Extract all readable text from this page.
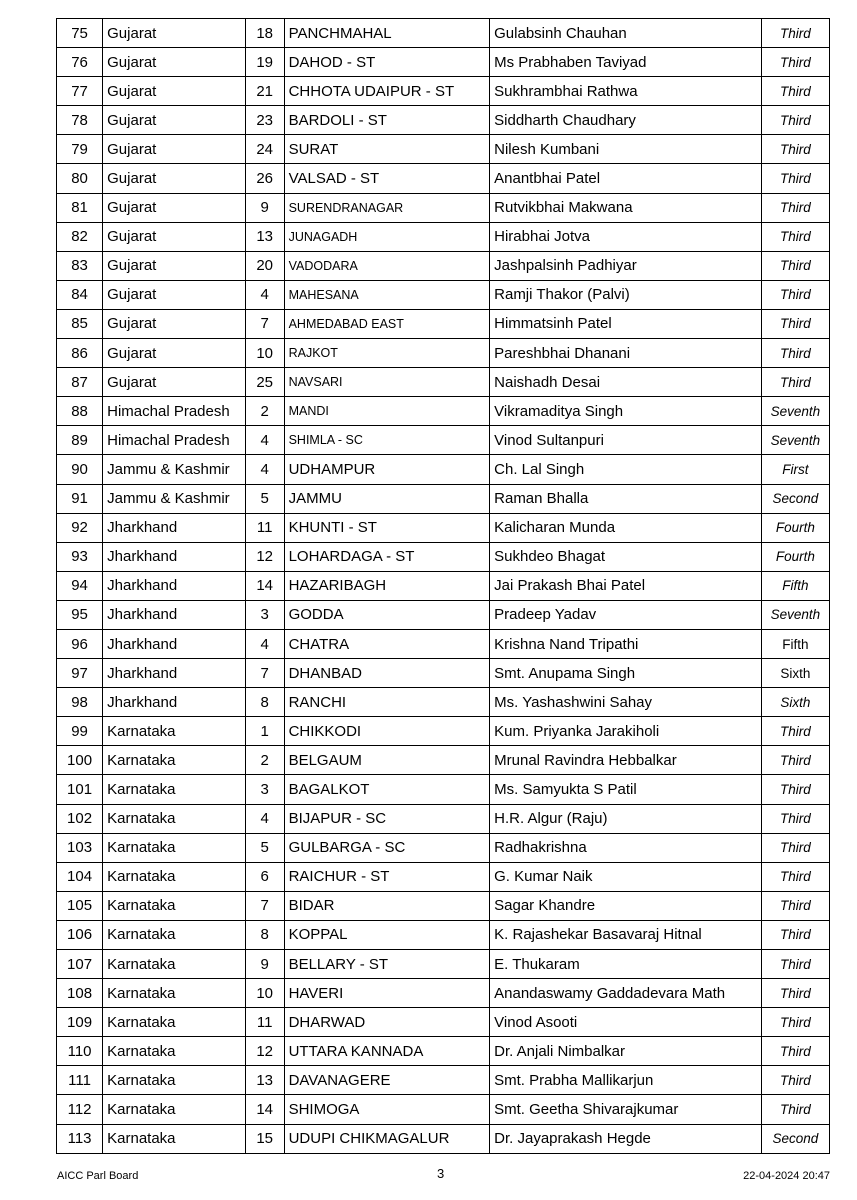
75	Gujarat	18	PANCHMAHAL	Gulabsinh Chauhan	Third
76	Gujarat	19	DAHOD - ST	Ms Prabhaben Taviyad	Third
77	Gujarat	21	CHHOTA UDAIPUR - ST	Sukhrambhai Rathwa	Third
78	Gujarat	23	BARDOLI - ST	Siddharth Chaudhary	Third
79	Gujarat	24	SURAT	Nilesh Kumbani	Third
80	Gujarat	26	VALSAD - ST	Anantbhai Patel	Third
81	Gujarat	9	SURENDRANAGAR	Rutvikbhai Makwana	Third
82	Gujarat	13	JUNAGADH	Hirabhai Jotva	Third
83	Gujarat	20	VADODARA	Jashpalsinh Padhiyar	Third
84	Gujarat	4	MAHESANA	Ramji Thakor (Palvi)	Third
85	Gujarat	7	AHMEDABAD EAST	Himmatsinh Patel	Third
86	Gujarat	10	RAJKOT	Pareshbhai Dhanani	Third
87	Gujarat	25	NAVSARI	Naishadh Desai	Third
88	Himachal Pradesh	2	MANDI	Vikramaditya Singh	Seventh
89	Himachal Pradesh	4	SHIMLA - SC	Vinod Sultanpuri	Seventh
90	Jammu & Kashmir	4	UDHAMPUR	Ch. Lal Singh	First
91	Jammu & Kashmir	5	JAMMU	Raman Bhalla	Second
92	Jharkhand	11	KHUNTI - ST	Kalicharan Munda	Fourth
93	Jharkhand	12	LOHARDAGA - ST	Sukhdeo Bhagat	Fourth
94	Jharkhand	14	HAZARIBAGH	Jai Prakash Bhai Patel	Fifth
95	Jharkhand	3	GODDA	Pradeep Yadav	Seventh
96	Jharkhand	4	CHATRA	Krishna Nand Tripathi	Fifth
97	Jharkhand	7	DHANBAD	Smt. Anupama Singh	Sixth
98	Jharkhand	8	RANCHI	Ms. Yashashwini Sahay	Sixth
99	Karnataka	1	CHIKKODI	Kum. Priyanka Jarakiholi	Third
100	Karnataka	2	BELGAUM	Mrunal Ravindra Hebbalkar	Third
101	Karnataka	3	BAGALKOT	Ms. Samyukta S Patil	Third
102	Karnataka	4	BIJAPUR - SC	H.R. Algur (Raju)	Third
103	Karnataka	5	GULBARGA - SC	Radhakrishna	Third
104	Karnataka	6	RAICHUR - ST	G. Kumar Naik	Third
105	Karnataka	7	BIDAR	Sagar Khandre	Third
106	Karnataka	8	KOPPAL	K. Rajashekar Basavaraj Hitnal	Third
107	Karnataka	9	BELLARY - ST	E. Thukaram	Third
108	Karnataka	10	HAVERI	Anandaswamy Gaddadevara Math	Third
109	Karnataka	11	DHARWAD	Vinod Asooti	Third
110	Karnataka	12	UTTARA KANNADA	Dr. Anjali Nimbalkar	Third
111	Karnataka	13	DAVANAGERE	Smt. Prabha Mallikarjun	Third
112	Karnataka	14	SHIMOGA	Smt. Geetha Shivarajkumar	Third
113	Karnataka	15	UDUPI CHIKMAGALUR	Dr. Jayaprakash Hegde	Second
AICC Parl Board	3	22-04-2024 20:47
